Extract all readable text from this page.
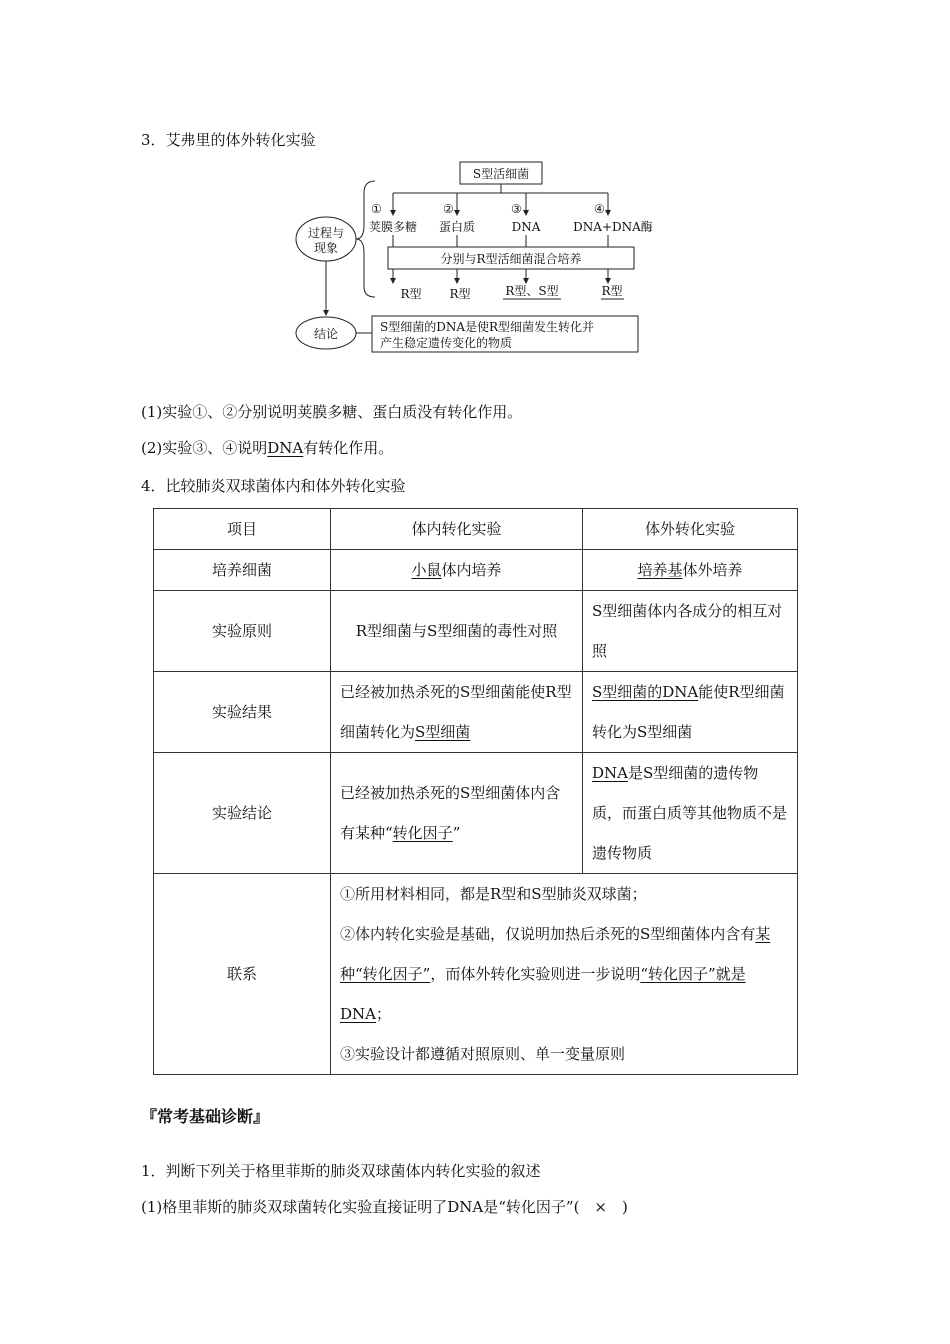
3．艾弗里的体外转化实验
S型活细菌
①	②	③	④
荚膜多糖 蛋白质	DNA	DNA+DNA酶
分别与R型活细菌混合培养
R型 R型	R型、S型	R型
过程与
现象
结论	S型细菌的DNA是使R型细菌发生转化并
产生稳定遗传变化的物质
(1)实验①、②分别说明荚膜多糖、蛋白质没有转化作用。
(2)实验③、④说明DNA有转化作用。
4．比较肺炎双球菌体内和体外转化实验
项目	体内转化实验	体外转化实验
培养细菌	小鼠体内培养	培养基体外培养
实验原则	R型细菌与S型细菌的毒性对照	S型细菌体内各成分的相互对照
实验结果	已经被加热杀死的S型细菌能使R型细菌转化为S型细菌	S型细菌的DNA能使R型细菌转化为S型细菌
实验结论	已经被加热杀死的S型细菌体内含有某种“转化因子”	DNA是S型细菌的遗传物质，而蛋白质等其他物质不是遗传物质
联系	①所用材料相同，都是R型和S型肺炎双球菌；
②体内转化实验是基础，仅说明加热后杀死的S型细菌体内含有某种“转化因子”，而体外转化实验则进一步说明“转化因子”就是DNA；
③实验设计都遵循对照原则、单一变量原则	
『常考基础诊断』
1．判断下列关于格里菲斯的肺炎双球菌体内转化实验的叙述
(1)格里菲斯的肺炎双球菌转化实验直接证明了DNA是“转化因子”(　×　)
